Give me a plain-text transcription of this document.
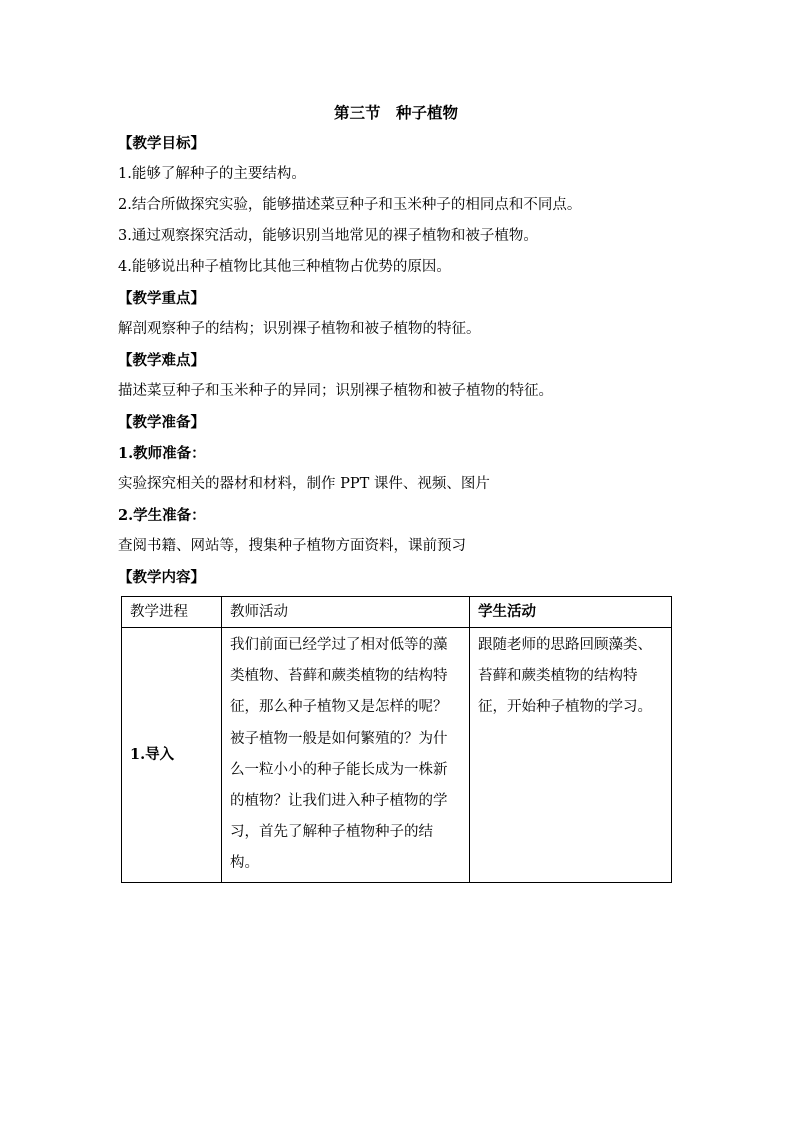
第三节　种子植物

【教学目标】

1.能够了解种子的主要结构。

2.结合所做探究实验，能够描述菜豆种子和玉米种子的相同点和不同点。

3.通过观察探究活动，能够识别当地常见的裸子植物和被子植物。

4.能够说出种子植物比其他三种植物占优势的原因。

【教学重点】

解剖观察种子的结构；识别裸子植物和被子植物的特征。

【教学难点】

描述菜豆种子和玉米种子的异同；识别裸子植物和被子植物的特征。

【教学准备】

1.教师准备：

实验探究相关的器材和材料，制作 PPT 课件、视频、图片

2.学生准备：

查阅书籍、网站等，搜集种子植物方面资料，课前预习

【教学内容】

教学进程	教师活动	学生活动
1.导入	我们前面已经学过了相对低等的藻类植物、苔藓和蕨类植物的结构特征，那么种子植物又是怎样的呢？被子植物一般是如何繁殖的？为什么一粒小小的种子能长成为一株新的植物？让我们进入种子植物的学习，首先了解种子植物种子的结构。	跟随老师的思路回顾藻类、苔藓和蕨类植物的结构特征，开始种子植物的学习。
